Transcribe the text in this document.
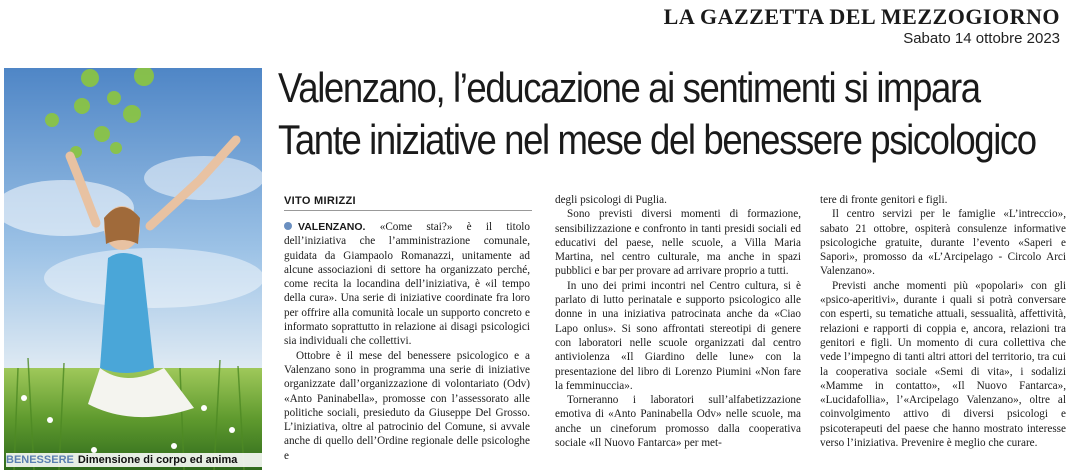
LA GAZZETTA DEL MEZZOGIORNO
Sabato 14 ottobre 2023
BENESSERE Dimensione di corpo ed anima
Valenzano, l’educazione ai sentimenti si impara
Tante iniziative nel mese del benessere psicologico
VITO MIRIZZI

VALENZANO. «Come stai?» è il titolo dell’iniziativa che l’amministrazione comunale, guidata da Giampaolo Romanazzi, unitamente ad alcune associazioni di settore ha organizzato perché, come recita la locandina dell’iniziativa, è «il tempo della cura». Una serie di iniziative coordinate fra loro per offrire alla comunità locale un supporto concreto e informato soprattutto in relazione ai disagi psicologici sia individuali che collettivi.

Ottobre è il mese del benessere psicologico e a Valenzano sono in programma una serie di iniziative organizzate dall’organizzazione di volontariato (Odv) «Anto Paninabella», promosse con l’assessorato alle politiche sociali, presieduto da Giuseppe Del Grosso. L’iniziativa, oltre al patrocinio del Comune, si avvale anche di quello dell’Ordine regionale delle psicologhe e

degli psicologi di Puglia.

Sono previsti diversi momenti di formazione, sensibilizzazione e confronto in tanti presidi sociali ed educativi del paese, nelle scuole, a Villa Maria Martina, nel centro culturale, ma anche in spazi pubblici e bar per provare ad arrivare proprio a tutti.

In uno dei primi incontri nel Centro cultura, si è parlato di lutto perinatale e supporto psicologico alle donne in una iniziativa patrocinata anche da «Ciao Lapo onlus». Si sono affrontati stereotipi di genere con laboratori nelle scuole organizzati dal centro antiviolenza «Il Giardino delle lune» con la presentazione del libro di Lorenzo Piumini «Non fare la femminuccia».

Torneranno i laboratori sull’alfabetizzazione emotiva di «Anto Paninabella Odv» nelle scuole, ma anche un cineforum promosso dalla cooperativa sociale «Il Nuovo Fantarca» per met-

tere di fronte genitori e figli.

Il centro servizi per le famiglie «L’intreccio», sabato 21 ottobre, ospiterà consulenze informative psicologiche gratuite, durante l’evento «Saperi e Sapori», promosso da «L’Arcipelago - Circolo Arci Valenzano».

Previsti anche momenti più «popolari» con gli «psico-aperitivi», durante i quali si potrà conversare con esperti, su tematiche attuali, sessualità, affettività, relazioni e rapporti di coppia e, ancora, relazioni tra genitori e figli. Un momento di cura collettiva che vede l’impegno di tanti altri attori del territorio, tra cui la cooperativa sociale «Semi di vita», i sodalizi «Mamme in contatto», «Il Nuovo Fantarca», «Lucidafollia», l’«Arcipelago Valenzano», oltre al coinvolgimento attivo di diversi psicologi e psicoterapeuti del paese che hanno mostrato interesse verso l’iniziativa. Prevenire è meglio che curare.
